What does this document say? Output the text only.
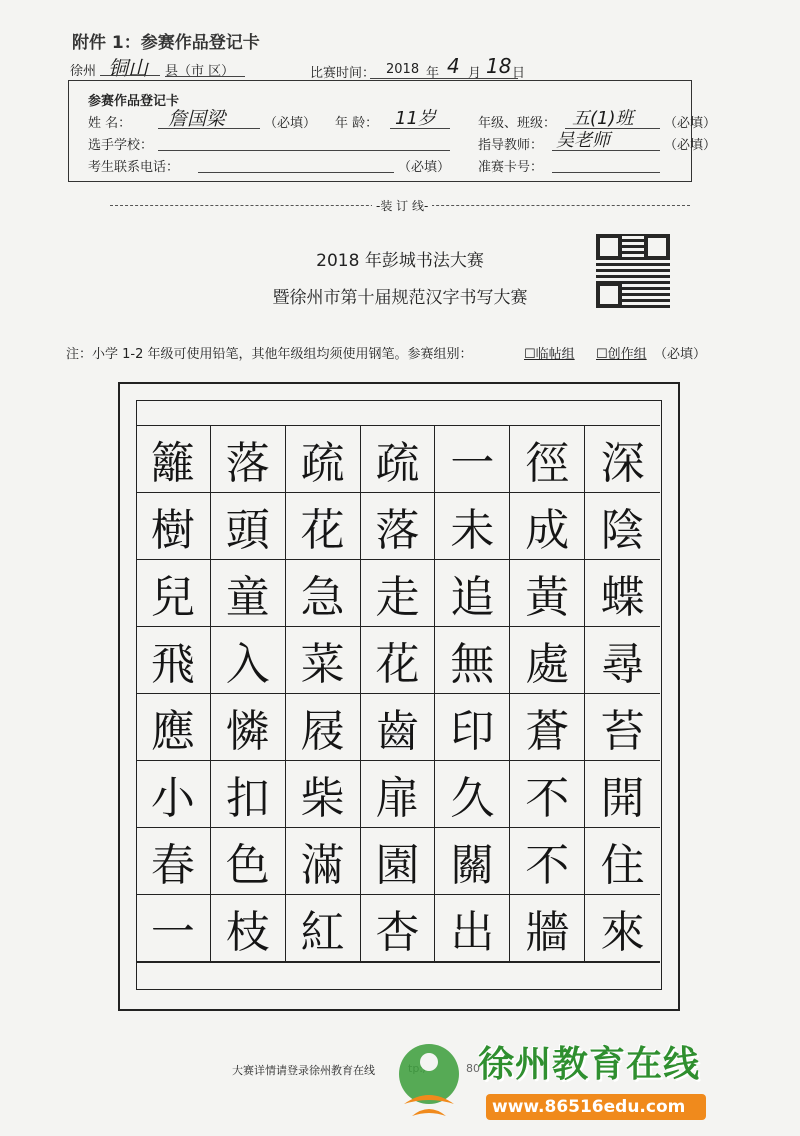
附件 1：参赛作品登记卡
徐州 铜山 县（市 区）	比赛时间： 2018 年 4 月 18 日
参赛作品登记卡
姓 名： 詹国梁	（必填） 年 龄： 11岁	年级、班级： 五(1)班 （必填）
选手学校：	指导教师： 吴老师	（必填）
考生联系电话：	（必填） 准赛卡号：
-装 订 线-
2018 年彭城书法大赛
暨徐州市第十届规范汉字书写大赛
注：小学 1-2 年级可使用铅笔，其他年级组均须使用钢笔。参赛组别：	☐临帖组 ☐创作组 （必填）
籬 落 疏 疏 一 徑 深
樹 頭 花 落 未 成 陰
兒 童 急 走 追 黃 蝶
飛 入 菜 花 無 處 尋
應 憐 屐 齒 印 蒼 苔
小 扣 柴 扉 久 不 開
春 色 滿 園 關 不 住
一 枝 紅 杏 出 牆 來
大赛详情请登录徐州教育在线	80
徐州教育在线
www.86516edu.com
